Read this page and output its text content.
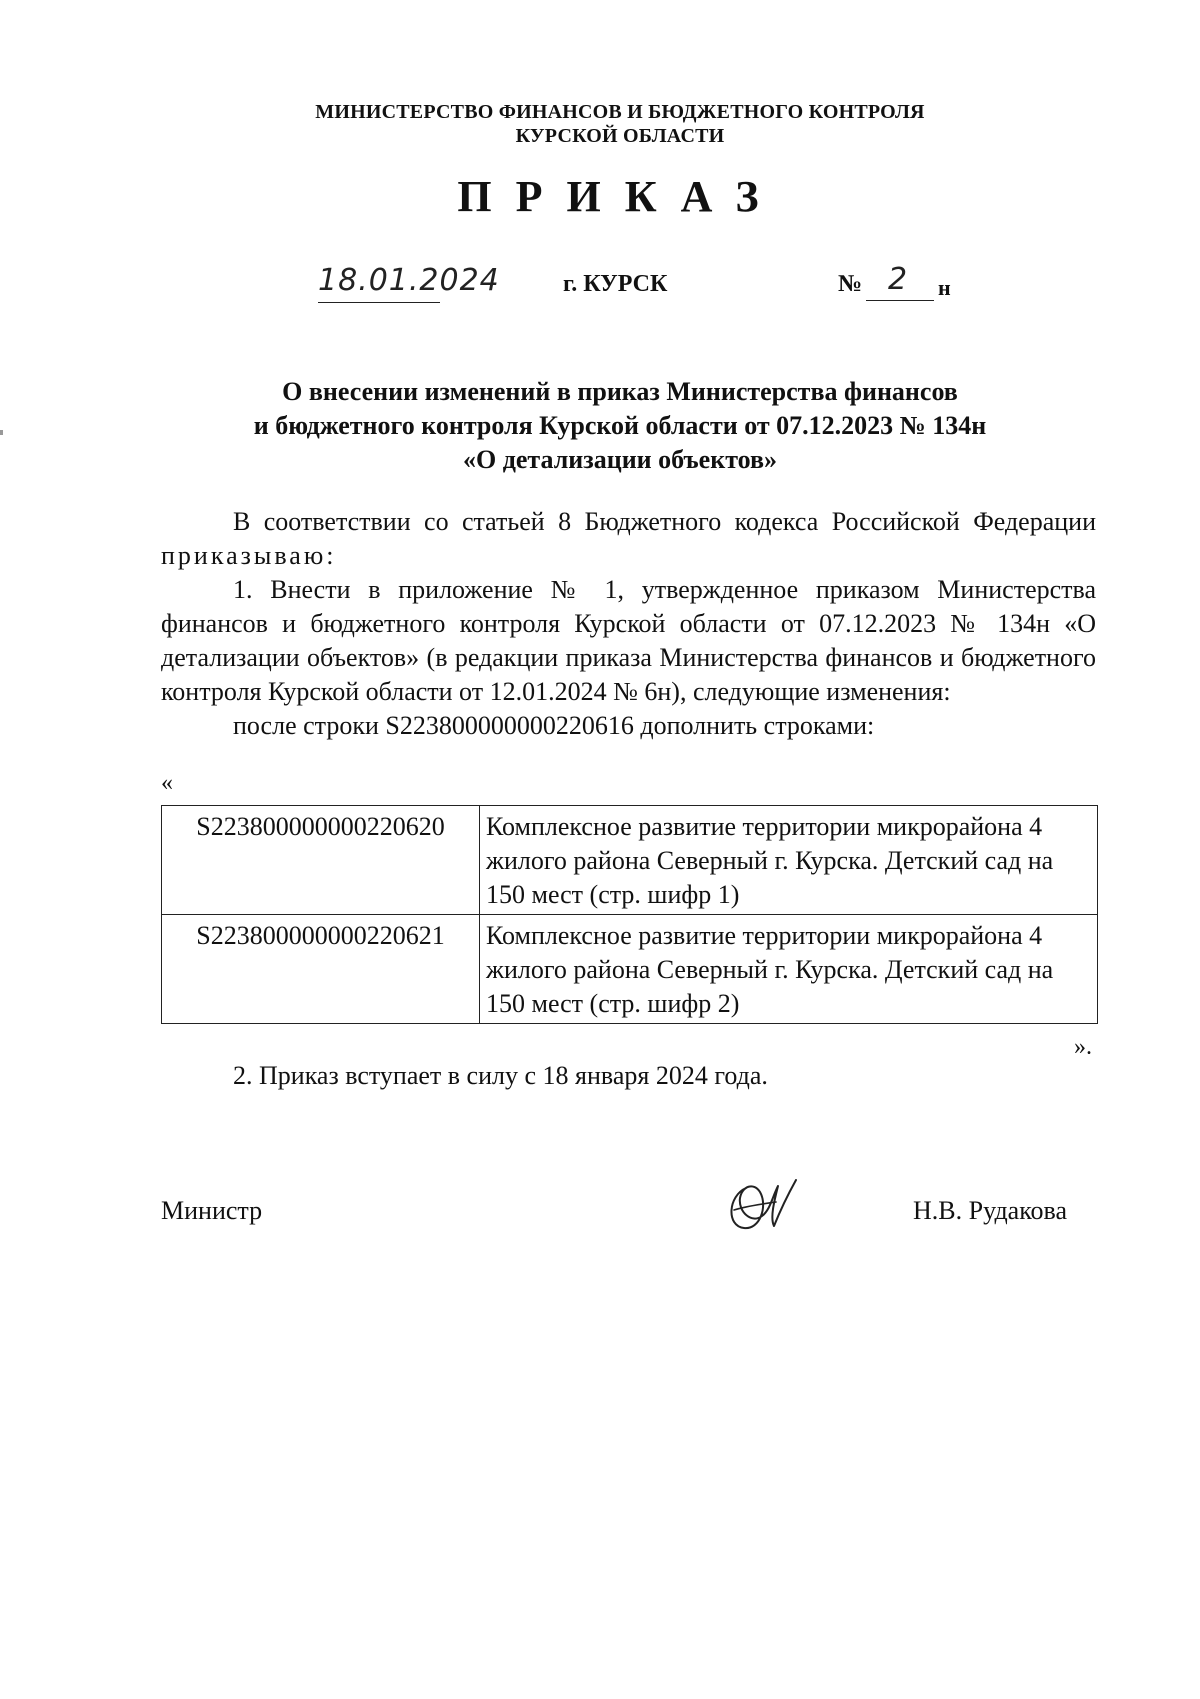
МИНИСТЕРСТВО ФИНАНСОВ И БЮДЖЕТНОГО КОНТРОЛЯ
КУРСКОЙ ОБЛАСТИ
ПРИКАЗ
18.01.2024	г. КУРСК	№ 2 н
О внесении изменений в приказ Министерства финансов
и бюджетного контроля Курской области от 07.12.2023 № 134н
«О детализации объектов»
В соответствии со статьей 8 Бюджетного кодекса Российской Федерации приказываю:
1. Внести в приложение № 1, утвержденное приказом Министерства финансов и бюджетного контроля Курской области от 07.12.2023 № 134н «О детализации объектов» (в редакции приказа Министерства финансов и бюджетного контроля Курской области от 12.01.2024 № 6н), следующие изменения:
после строки S223800000000220616 дополнить строками:
«
S223800000000220620	Комплексное развитие территории микрорайона 4 жилого района Северный г. Курска. Детский сад на 150 мест (стр. шифр 1)
S223800000000220621	Комплексное развитие территории микрорайона 4 жилого района Северный г. Курска. Детский сад на 150 мест (стр. шифр 2)
».
2. Приказ вступает в силу с 18 января 2024 года.
Министр	Н.В. Рудакова
